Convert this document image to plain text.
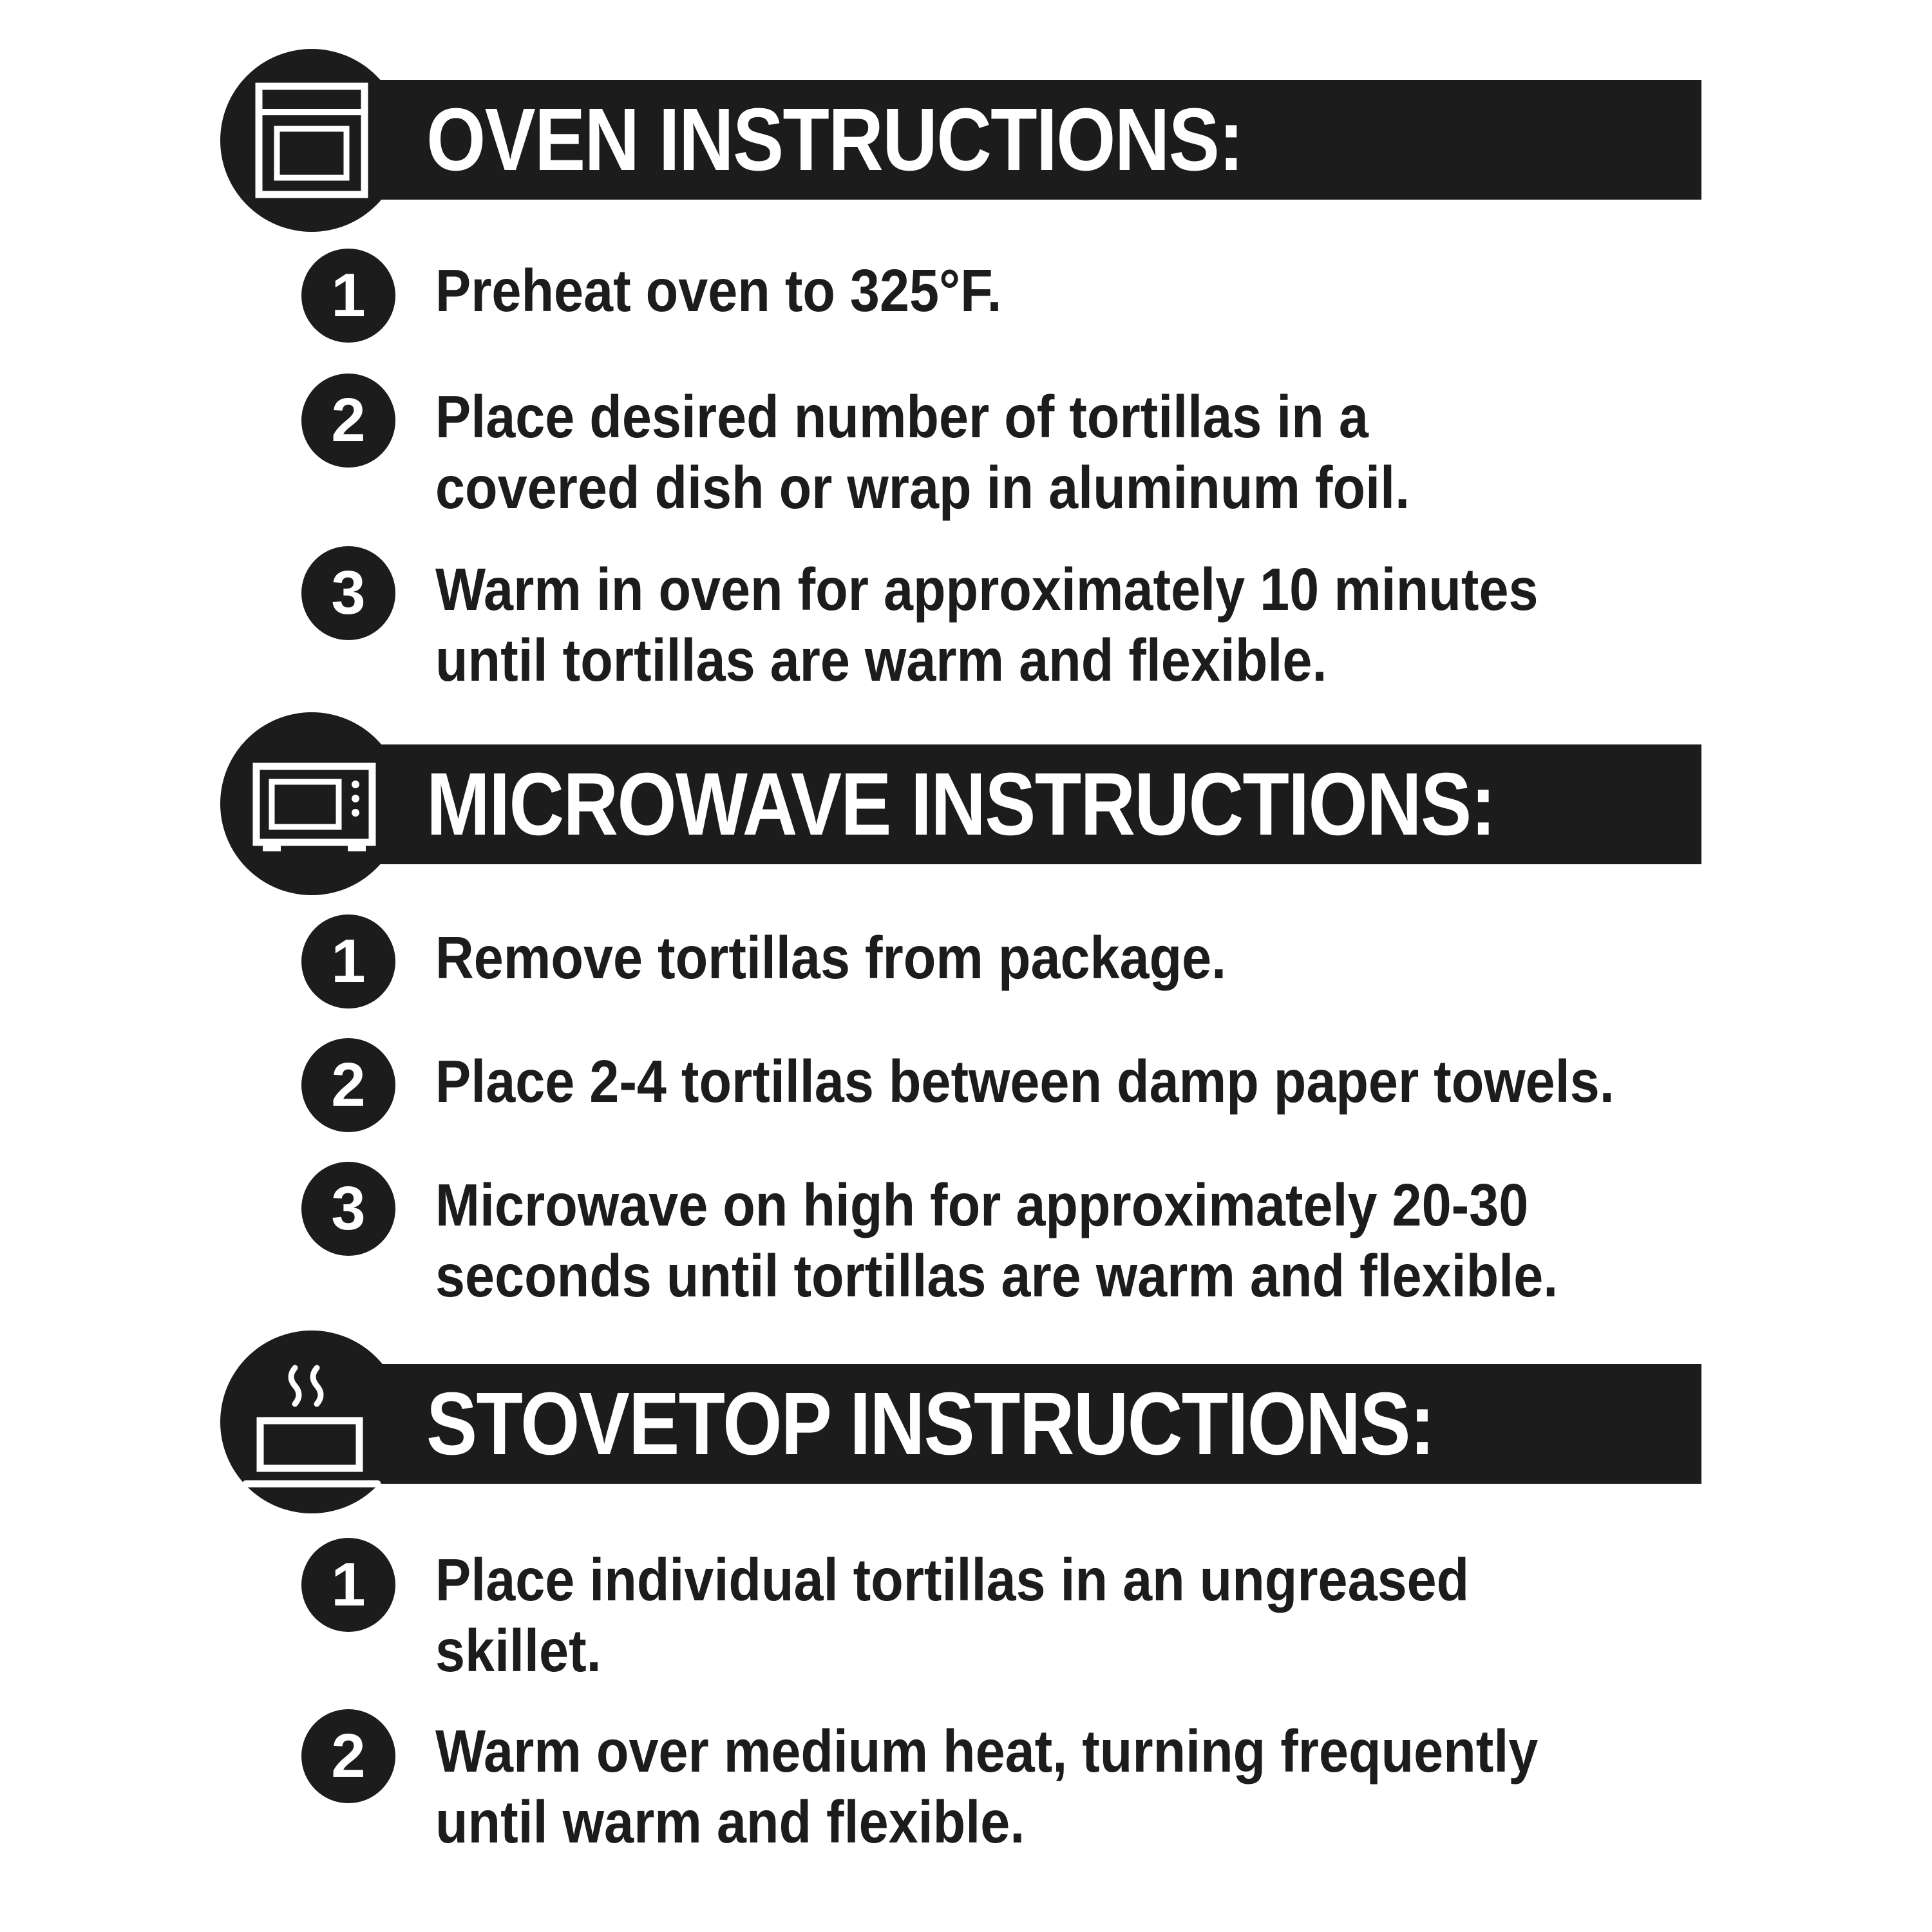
OVEN INSTRUCTIONS:
1	Preheat oven to 325°F.
2	Place desired number of tortillas in a
covered dish or wrap in aluminum foil.
3	Warm in oven for approximately 10 minutes
until tortillas are warm and flexible.
MICROWAVE INSTRUCTIONS:
1	Remove tortillas from package.
2	Place 2-4 tortillas between damp paper towels.
3	Microwave on high for approximately 20-30
seconds until tortillas are warm and flexible.
STOVETOP INSTRUCTIONS:
1	Place individual tortillas in an ungreased
skillet.
2	Warm over medium heat, turning frequently
until warm and flexible.
